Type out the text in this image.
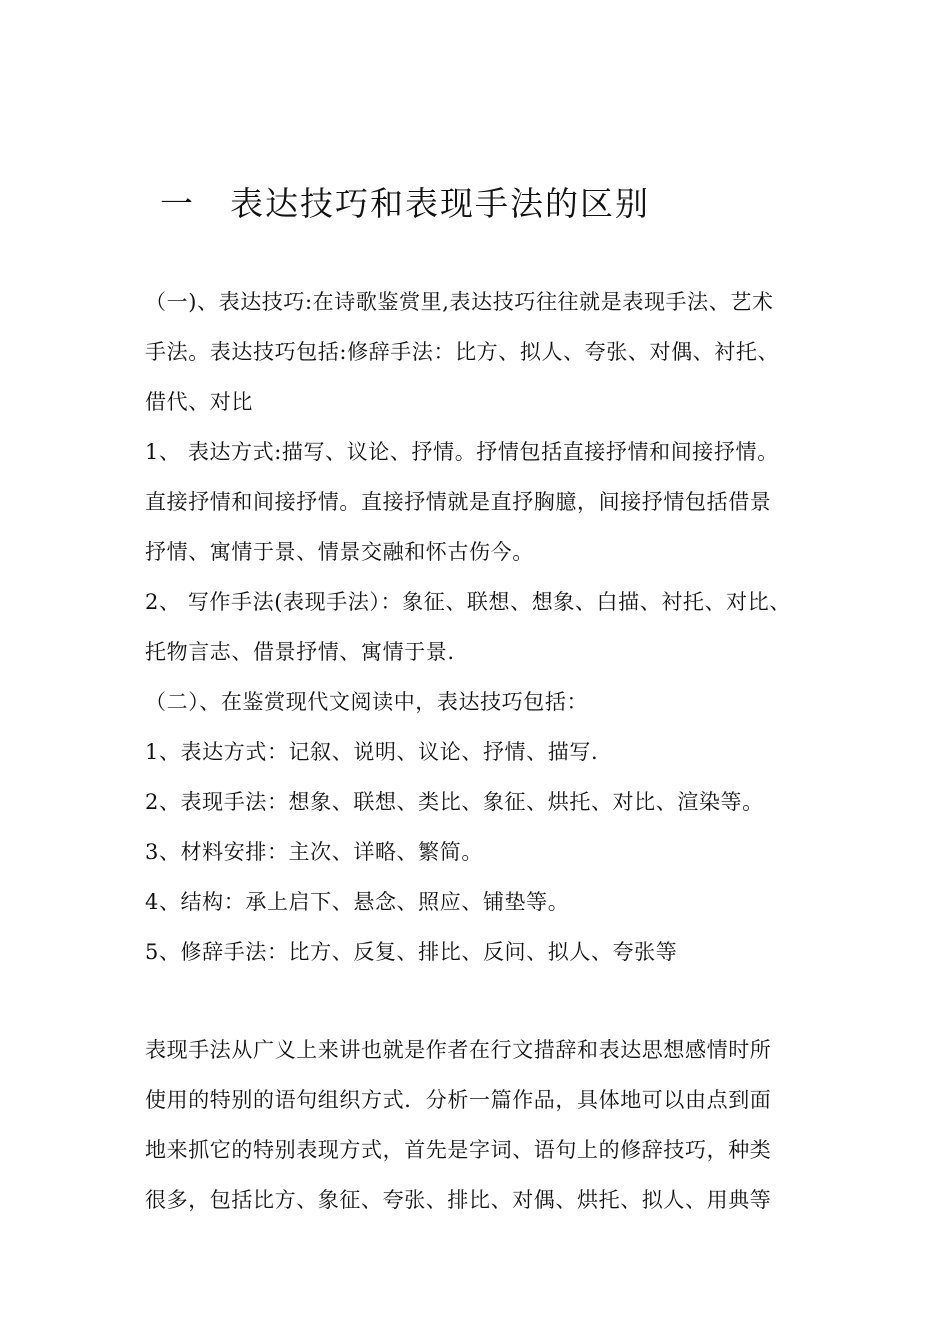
一 表达技巧和表现手法的区别
（一)、表达技巧:在诗歌鉴赏里,表达技巧往往就是表现手法、艺术
手法。表达技巧包括:修辞手法：比方、拟人、夸张、对偶、衬托、
借代、对比
1、 表达方式:描写、议论、抒情。抒情包括直接抒情和间接抒情。
直接抒情和间接抒情。直接抒情就是直抒胸臆，间接抒情包括借景
抒情、寓情于景、情景交融和怀古伤今。
2、 写作手法(表现手法）：象征、联想、想象、白描、衬托、对比、
托物言志、借景抒情、寓情于景.
（二）、在鉴赏现代文阅读中，表达技巧包括：
1、表达方式：记叙、说明、议论、抒情、描写.
2、表现手法：想象、联想、类比、象征、烘托、对比、渲染等。
3、材料安排：主次、详略、繁简。
4、结构：承上启下、悬念、照应、铺垫等。
5、修辞手法：比方、反复、排比、反问、拟人、夸张等
表现手法从广义上来讲也就是作者在行文措辞和表达思想感情时所
使用的特别的语句组织方式．分析一篇作品，具体地可以由点到面
地来抓它的特别表现方式，首先是字词、语句上的修辞技巧，种类
很多，包括比方、象征、夸张、排比、对偶、烘托、拟人、用典等
